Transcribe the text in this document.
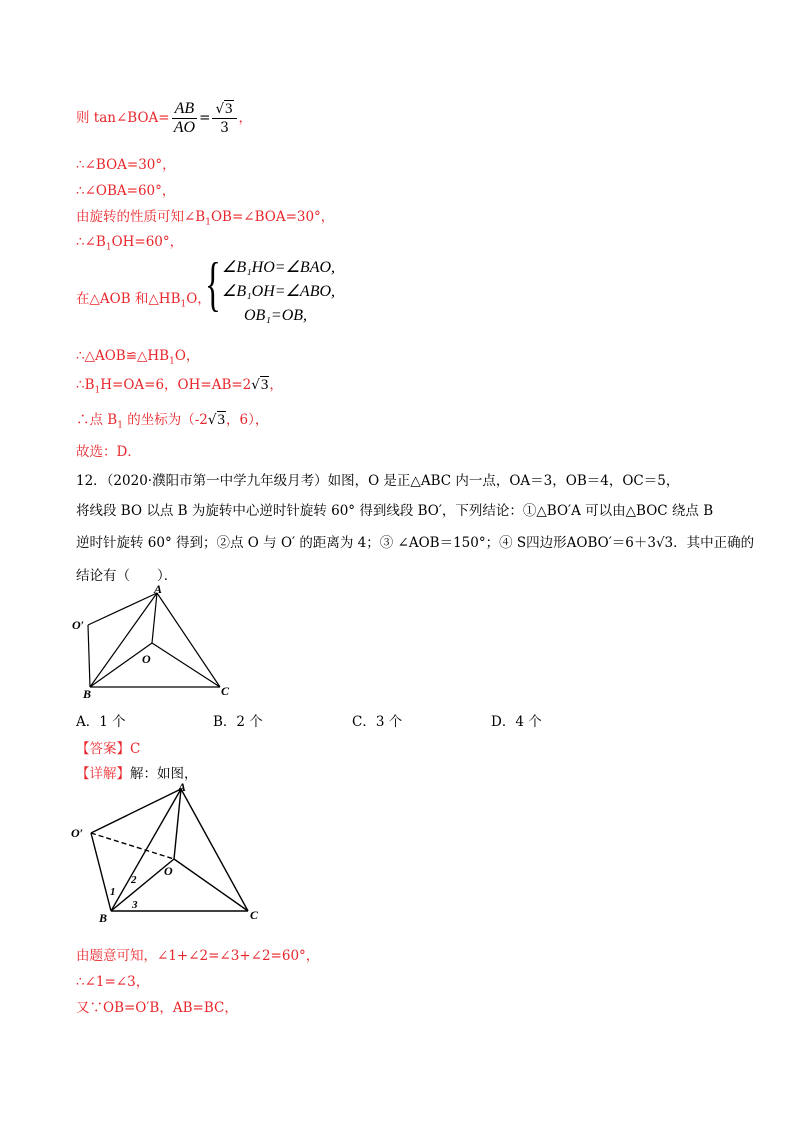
则 tan∠BOA= $\frac{AB}{AO} = \frac{√3}{3}$ ，
∴∠BOA=30°，
∴∠OBA=60°，
由旋转的性质可知$\angle B_1OB=\angle BOA=30^\circ$，
$\therefore\angle B_1OH=60^\circ$，
在△AOB 和$\triangle HB_1O$，
{ ∠B₁HO=∠BAO,
∠B₁OH=∠ABO,
OB₁=OB,
$\therefore\triangle AOB≌\triangle HB_1O$，
$\therefore B_1H=OA=6$，OH=AB=2√3，
∴点 $B_1$ 的坐标为（-2√3，6），
故选：D．
12．（2020·濮阳市第一中学九年级月考）如图，O 是正△ABC 内一点，OA＝3，OB＝4，OC＝5，
将线段 BO 以点 B 为旋转中心逆时针旋转 60° 得到线段 BO′，下列结论：①△BO′A 可以由△BOC 绕点 B
逆时针旋转 60° 得到；②点 O 与 O′ 的距离为 4；③ ∠AOB＝150°；④ S四边形AOBO′＝6＋3√3．其中正确的
结论有（　　）．
A
O′
O
B	C
A．1 个	B．2 个	C．3 个	D．4 个
【答案】C
【详解】解：如图，
A
O′
O
B	C
1
2
3
由题意可知，∠1+∠2=∠3+∠2=60°，
∴∠1=∠3，
又∵OB=O′B，AB=BC，
